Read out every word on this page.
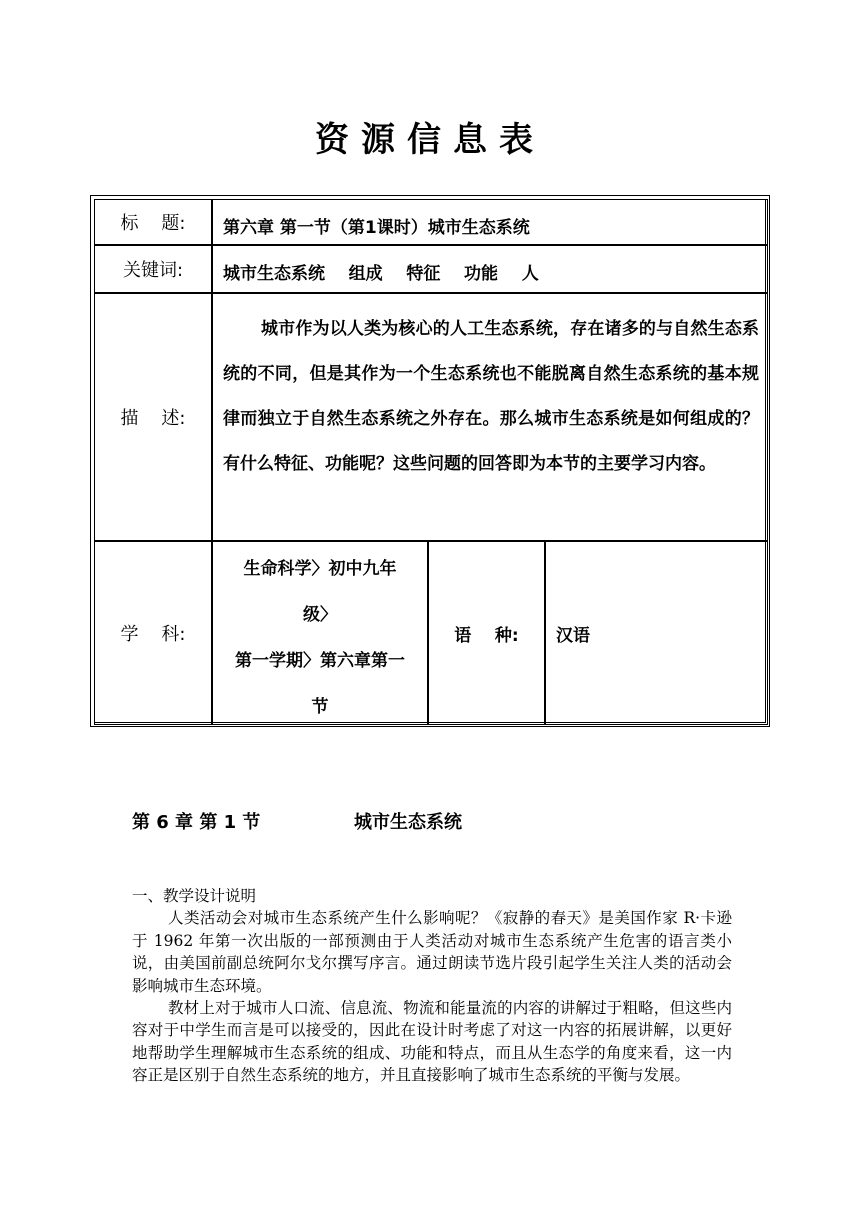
资源信息表
标    题:	第六章 第一节（第1课时）城市生态系统
关键词:	城市生态系统    组成    特征    功能    人
描    述:
城市作为以人类为核心的人工生态系统，存在诸多的与自然生态系统的不同，但是其作为一个生态系统也不能脱离自然生态系统的基本规律而独立于自然生态系统之外存在。那么城市生态系统是如何组成的？有什么特征、功能呢？这些问题的回答即为本节的主要学习内容。
学    科:
生命科学〉初中九年
级〉
第一学期〉第六章第一
节
语    种: 汉语
第 6 章 第 1 节	城市生态系统

一、教学设计说明

人类活动会对城市生态系统产生什么影响呢？《寂静的春天》是美国作家 R·卡逊于 1962 年第一次出版的一部预测由于人类活动对城市生态系统产生危害的语言类小说，由美国前副总统阿尔戈尔撰写序言。通过朗读节选片段引起学生关注人类的活动会影响城市生态环境。

教材上对于城市人口流、信息流、物流和能量流的内容的讲解过于粗略，但这些内容对于中学生而言是可以接受的，因此在设计时考虑了对这一内容的拓展讲解，以更好地帮助学生理解城市生态系统的组成、功能和特点，而且从生态学的角度来看，这一内容正是区别于自然生态系统的地方，并且直接影响了城市生态系统的平衡与发展。
